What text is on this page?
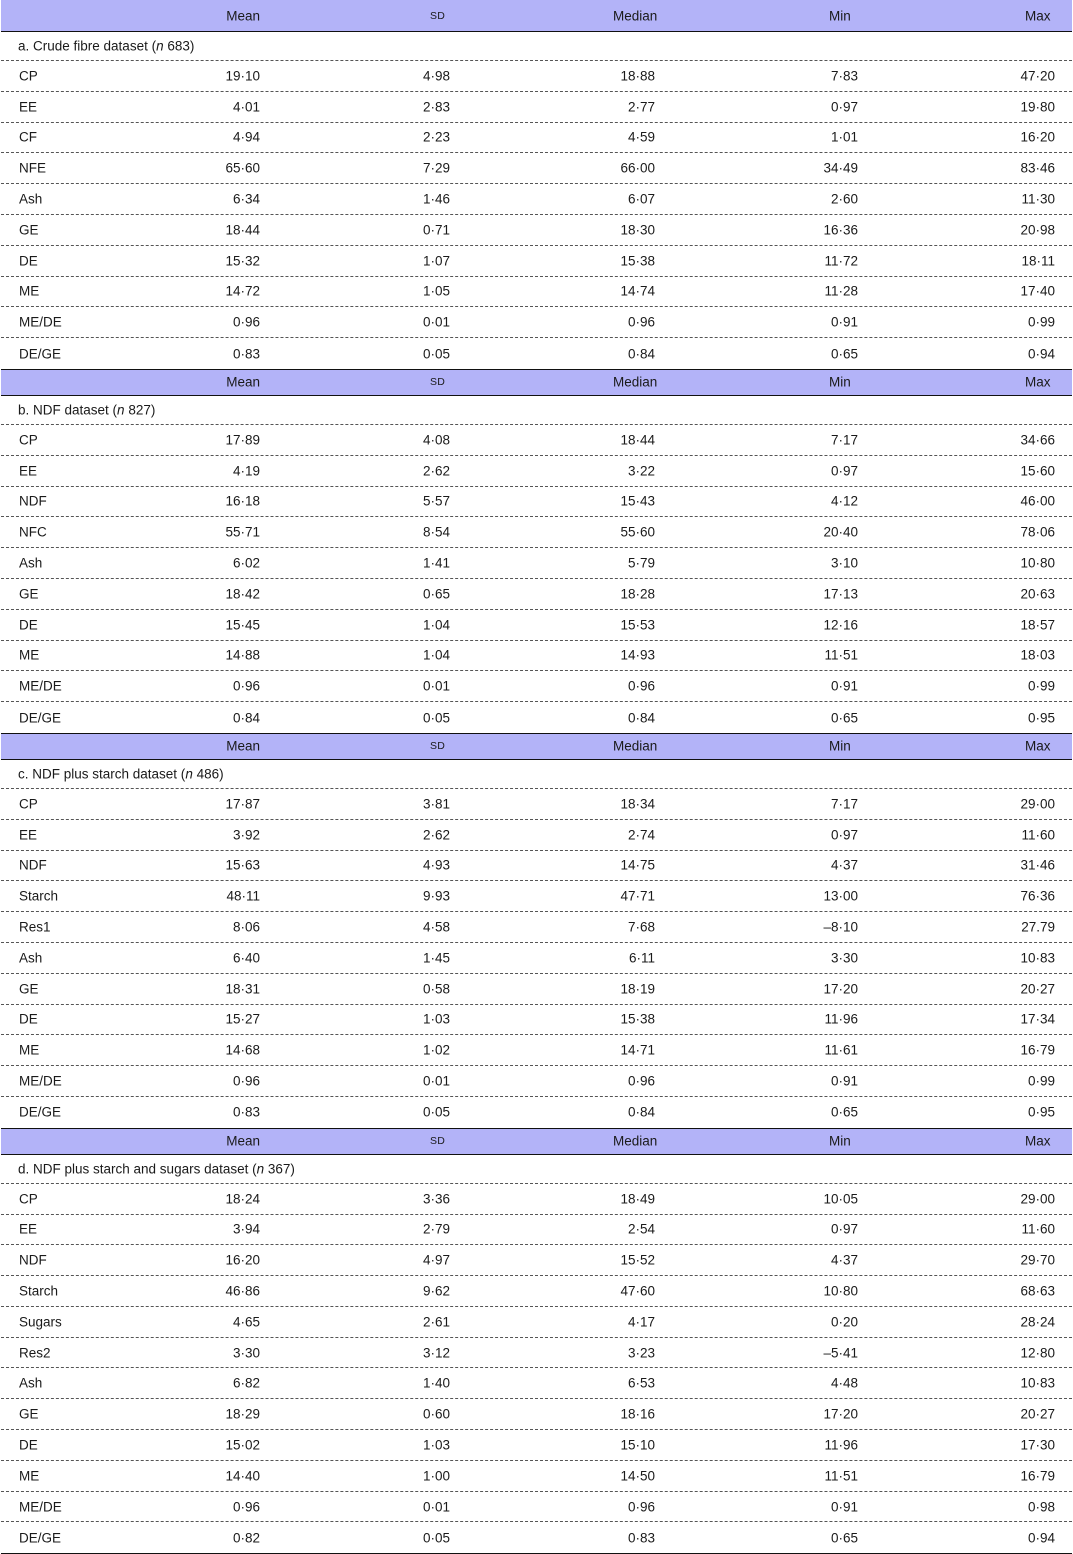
Mean	SD	Median	Min	Max
a. Crude fibre dataset (n 683)
CP	19·10	4·98	18·88	7·83	47·20
EE	4·01	2·83	2·77	0·97	19·80
CF	4·94	2·23	4·59	1·01	16·20
NFE	65·60	7·29	66·00	34·49	83·46
Ash	6·34	1·46	6·07	2·60	11·30
GE	18·44	0·71	18·30	16·36	20·98
DE	15·32	1·07	15·38	11·72	18·11
ME	14·72	1·05	14·74	11·28	17·40
ME/DE	0·96	0·01	0·96	0·91	0·99
DE/GE	0·83	0·05	0·84	0·65	0·94
Mean	SD	Median	Min	Max
b. NDF dataset (n 827)
CP	17·89	4·08	18·44	7·17	34·66
EE	4·19	2·62	3·22	0·97	15·60
NDF	16·18	5·57	15·43	4·12	46·00
NFC	55·71	8·54	55·60	20·40	78·06
Ash	6·02	1·41	5·79	3·10	10·80
GE	18·42	0·65	18·28	17·13	20·63
DE	15·45	1·04	15·53	12·16	18·57
ME	14·88	1·04	14·93	11·51	18·03
ME/DE	0·96	0·01	0·96	0·91	0·99
DE/GE	0·84	0·05	0·84	0·65	0·95
Mean	SD	Median	Min	Max
c. NDF plus starch dataset (n 486)
CP	17·87	3·81	18·34	7·17	29·00
EE	3·92	2·62	2·74	0·97	11·60
NDF	15·63	4·93	14·75	4·37	31·46
Starch	48·11	9·93	47·71	13·00	76·36
Res1	8·06	4·58	7·68	–8·10	27.79
Ash	6·40	1·45	6·11	3·30	10·83
GE	18·31	0·58	18·19	17·20	20·27
DE	15·27	1·03	15·38	11·96	17·34
ME	14·68	1·02	14·71	11·61	16·79
ME/DE	0·96	0·01	0·96	0·91	0·99
DE/GE	0·83	0·05	0·84	0·65	0·95
Mean	SD	Median	Min	Max
d. NDF plus starch and sugars dataset (n 367)
CP	18·24	3·36	18·49	10·05	29·00
EE	3·94	2·79	2·54	0·97	11·60
NDF	16·20	4·97	15·52	4·37	29·70
Starch	46·86	9·62	47·60	10·80	68·63
Sugars	4·65	2·61	4·17	0·20	28·24
Res2	3·30	3·12	3·23	–5·41	12·80
Ash	6·82	1·40	6·53	4·48	10·83
GE	18·29	0·60	18·16	17·20	20·27
DE	15·02	1·03	15·10	11·96	17·30
ME	14·40	1·00	14·50	11·51	16·79
ME/DE	0·96	0·01	0·96	0·91	0·98
DE/GE	0·82	0·05	0·83	0·65	0·94
